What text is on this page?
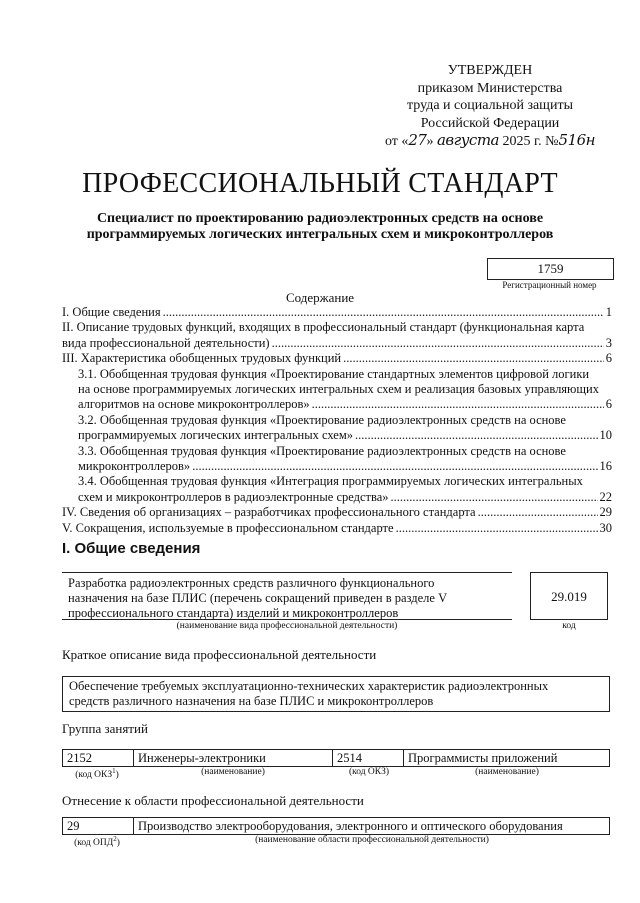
УТВЕРЖДЕН
приказом Министерства
труда и социальной защиты
Российской Федерации
от «27» августа 2025 г. №516н
ПРОФЕССИОНАЛЬНЫЙ СТАНДАРТ
Специалист по проектированию радиоэлектронных средств на основе
программируемых логических интегральных схем и микроконтроллеров
1759
Регистрационный номер
Содержание
I. Общие сведения .....	1
II. Описание трудовых функций, входящих в профессиональный стандарт (функциональная карта
вида профессиональной деятельности) .....	3
III. Характеристика обобщенных трудовых функций .....	6
3.1. Обобщенная трудовая функция «Проектирование стандартных элементов цифровой логики
на основе программируемых логических интегральных схем и реализация базовых управляющих
алгоритмов на основе микроконтроллеров» .....	6
3.2. Обобщенная трудовая функция «Проектирование радиоэлектронных средств на основе
программируемых логических интегральных схем» .....	10
3.3. Обобщенная трудовая функция «Проектирование радиоэлектронных средств на основе
микроконтроллеров» .....	16
3.4. Обобщенная трудовая функция «Интеграция программируемых логических интегральных
схем и микроконтроллеров в радиоэлектронные средства» .....	22
IV. Сведения об организациях – разработчиках профессионального стандарта .....	29
V. Сокращения, используемые в профессиональном стандарте .....	30
I. Общие сведения
Разработка радиоэлектронных средств различного функционального
назначения на базе ПЛИС (перечень сокращений приведен в разделе V
профессионального стандарта) изделий и микроконтроллеров
29.019
(наименование вида профессиональной деятельности)	код
Краткое описание вида профессиональной деятельности
Обеспечение требуемых эксплуатационно-технических характеристик радиоэлектронных
средств различного назначения на базе ПЛИС и микроконтроллеров
Группа занятий
2152	Инженеры-электроники	2514	Программисты приложений
(код ОКЗ$^1$)	(наименование)	(код ОКЗ)	(наименование)
Отнесение к области профессиональной деятельности
29	Производство электрооборудования, электронного и оптического оборудования
(код ОПД$^2$)	(наименование области профессиональной деятельности)
